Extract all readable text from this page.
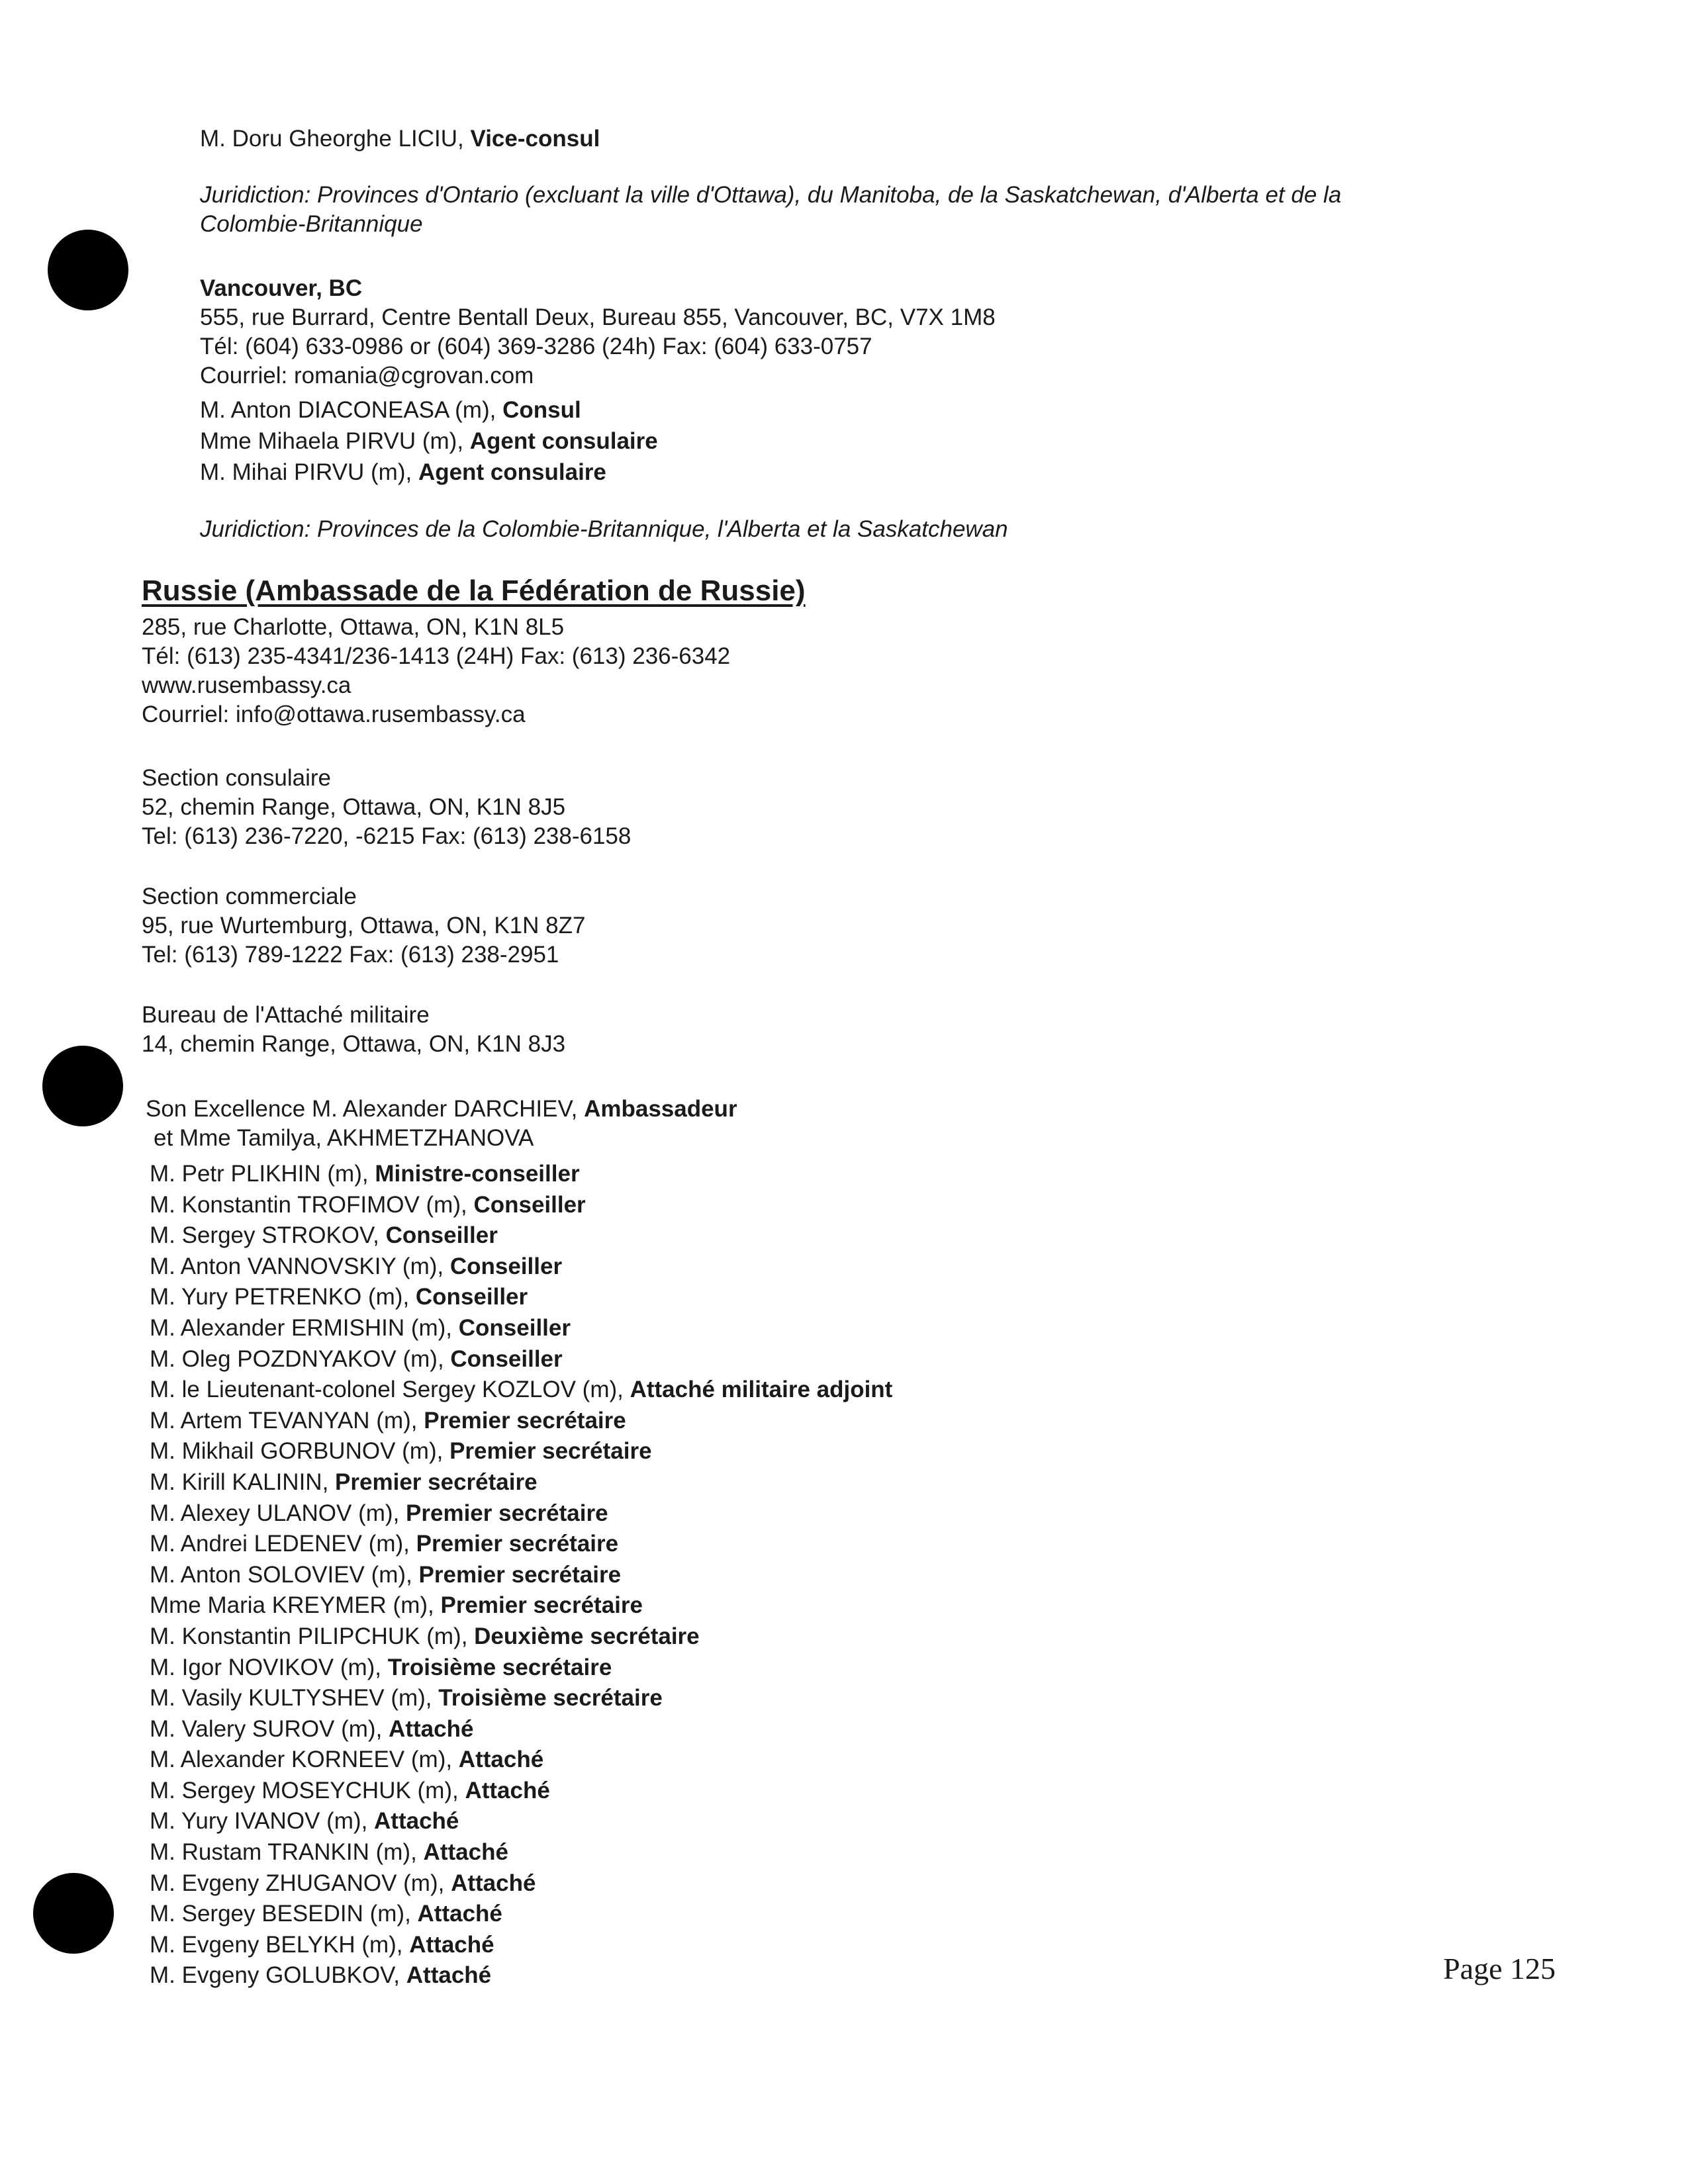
M. Doru Gheorghe LICIU, Vice-consul
Juridiction: Provinces d'Ontario (excluant la ville d'Ottawa), du Manitoba, de la Saskatchewan, d'Alberta et de la
Colombie-Britannique
Vancouver, BC
555, rue Burrard, Centre Bentall Deux, Bureau 855, Vancouver, BC, V7X 1M8
Tél: (604) 633-0986 or (604) 369-3286 (24h) Fax: (604) 633-0757
Courriel: romania@cgrovan.com
M. Anton DIACONEASA (m), Consul
Mme Mihaela PIRVU (m), Agent consulaire
M. Mihai PIRVU (m), Agent consulaire
Juridiction: Provinces de la Colombie-Britannique, l'Alberta et la Saskatchewan
Russie (Ambassade de la Fédération de Russie)
285, rue Charlotte, Ottawa, ON, K1N 8L5
Tél: (613) 235-4341/236-1413 (24H) Fax: (613) 236-6342
www.rusembassy.ca
Courriel: info@ottawa.rusembassy.ca
Section consulaire
52, chemin Range, Ottawa, ON, K1N 8J5
Tel: (613) 236-7220, -6215 Fax: (613) 238-6158
Section commerciale
95, rue Wurtemburg, Ottawa, ON, K1N 8Z7
Tel: (613) 789-1222 Fax: (613) 238-2951
Bureau de l'Attaché militaire
14, chemin Range, Ottawa, ON, K1N 8J3
Son Excellence M. Alexander DARCHIEV, Ambassadeur
et Mme Tamilya, AKHMETZHANOVA
M. Petr PLIKHIN (m), Ministre-conseiller
M. Konstantin TROFIMOV (m), Conseiller
M. Sergey STROKOV, Conseiller
M. Anton VANNOVSKIY (m), Conseiller
M. Yury PETRENKO (m), Conseiller
M. Alexander ERMISHIN (m), Conseiller
M. Oleg POZDNYAKOV (m), Conseiller
M. le Lieutenant-colonel Sergey KOZLOV (m), Attaché militaire adjoint
M. Artem TEVANYAN (m), Premier secrétaire
M. Mikhail GORBUNOV (m), Premier secrétaire
M. Kirill KALININ, Premier secrétaire
M. Alexey ULANOV (m), Premier secrétaire
M. Andrei LEDENEV (m), Premier secrétaire
M. Anton SOLOVIEV (m), Premier secrétaire
Mme Maria KREYMER (m), Premier secrétaire
M. Konstantin PILIPCHUK (m), Deuxième secrétaire
M. Igor NOVIKOV (m), Troisième secrétaire
M. Vasily KULTYSHEV (m), Troisième secrétaire
M. Valery SUROV (m), Attaché
M. Alexander KORNEEV (m), Attaché
M. Sergey MOSEYCHUK (m), Attaché
M. Yury IVANOV (m), Attaché
M. Rustam TRANKIN (m), Attaché
M. Evgeny ZHUGANOV (m), Attaché
M. Sergey BESEDIN (m), Attaché
M. Evgeny BELYKH (m), Attaché
M. Evgeny GOLUBKOV, Attaché	Page 125
